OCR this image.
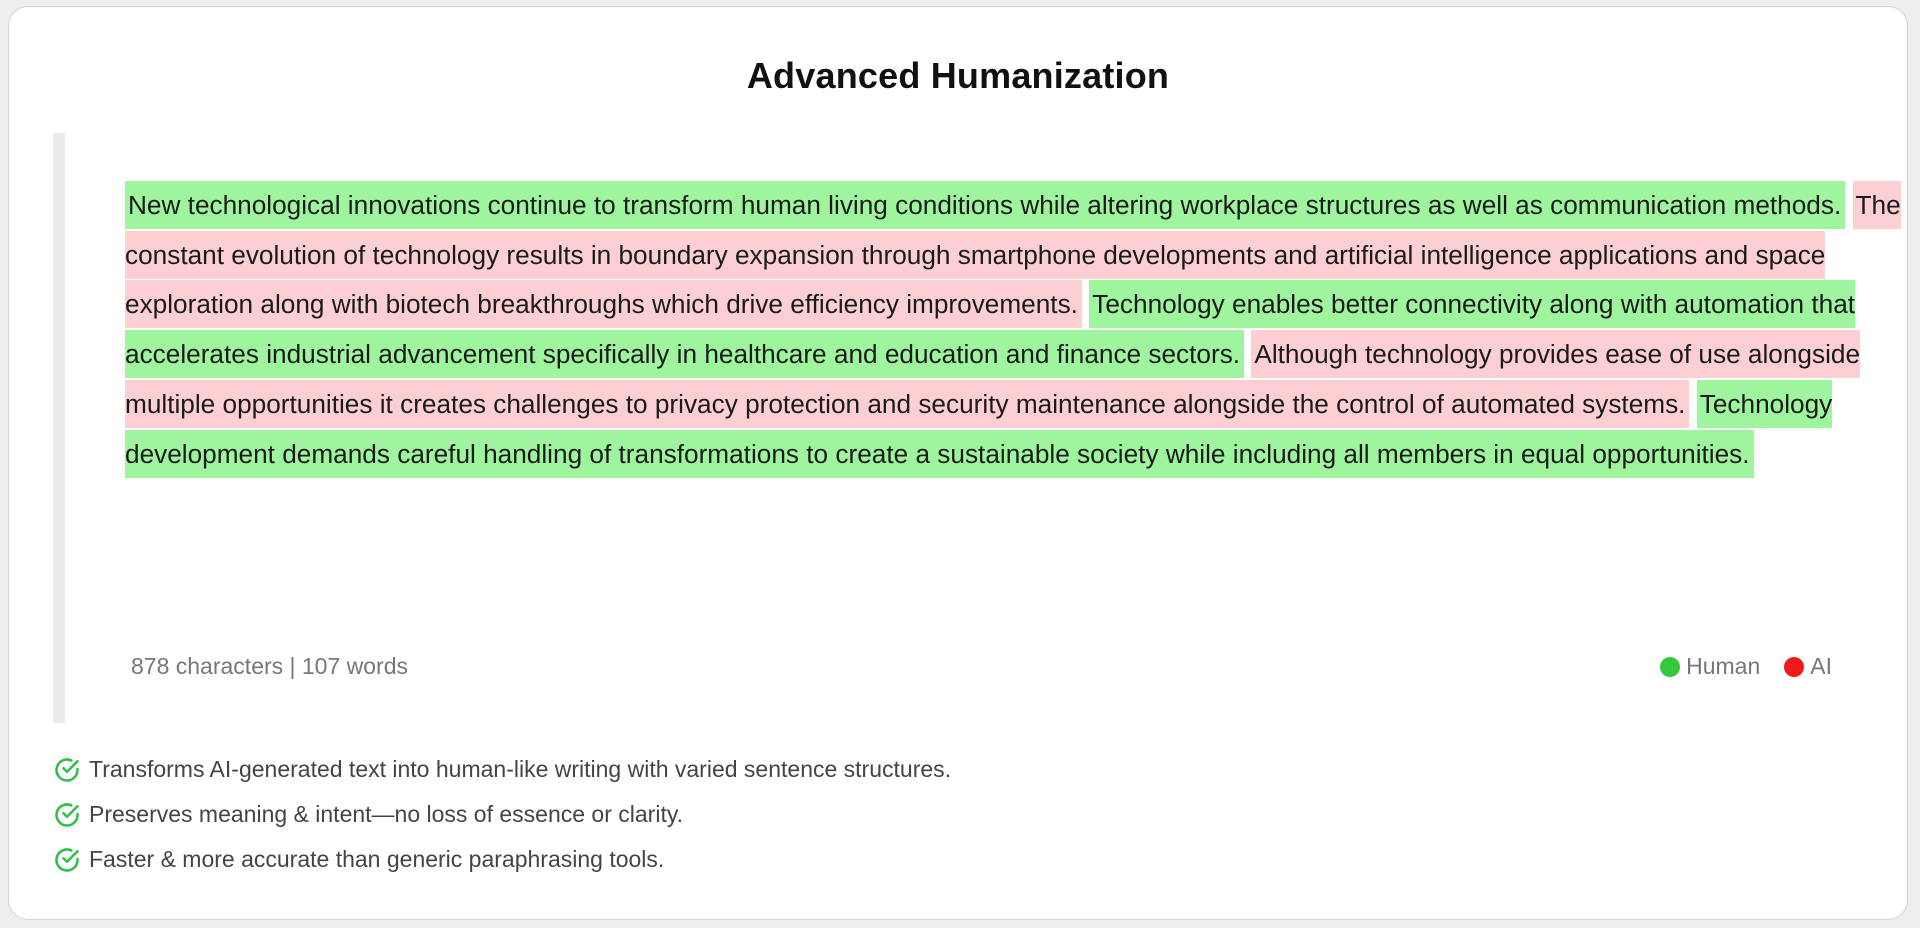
Advanced Humanization
New technological innovations continue to transform human living conditions while altering workplace structures as well as communication methods. The constant evolution of technology results in boundary expansion through smartphone developments and artificial intelligence applications and space exploration along with biotech breakthroughs which drive efficiency improvements. Technology enables better connectivity along with automation that accelerates industrial advancement specifically in healthcare and education and finance sectors. Although technology provides ease of use alongside multiple opportunities it creates challenges to privacy protection and security maintenance alongside the control of automated systems. Technology development demands careful handling of transformations to create a sustainable society while including all members in equal opportunities.
878 characters | 107 words	Human AI
Transforms AI-generated text into human-like writing with varied sentence structures.
Preserves meaning & intent—no loss of essence or clarity.
Faster & more accurate than generic paraphrasing tools.
